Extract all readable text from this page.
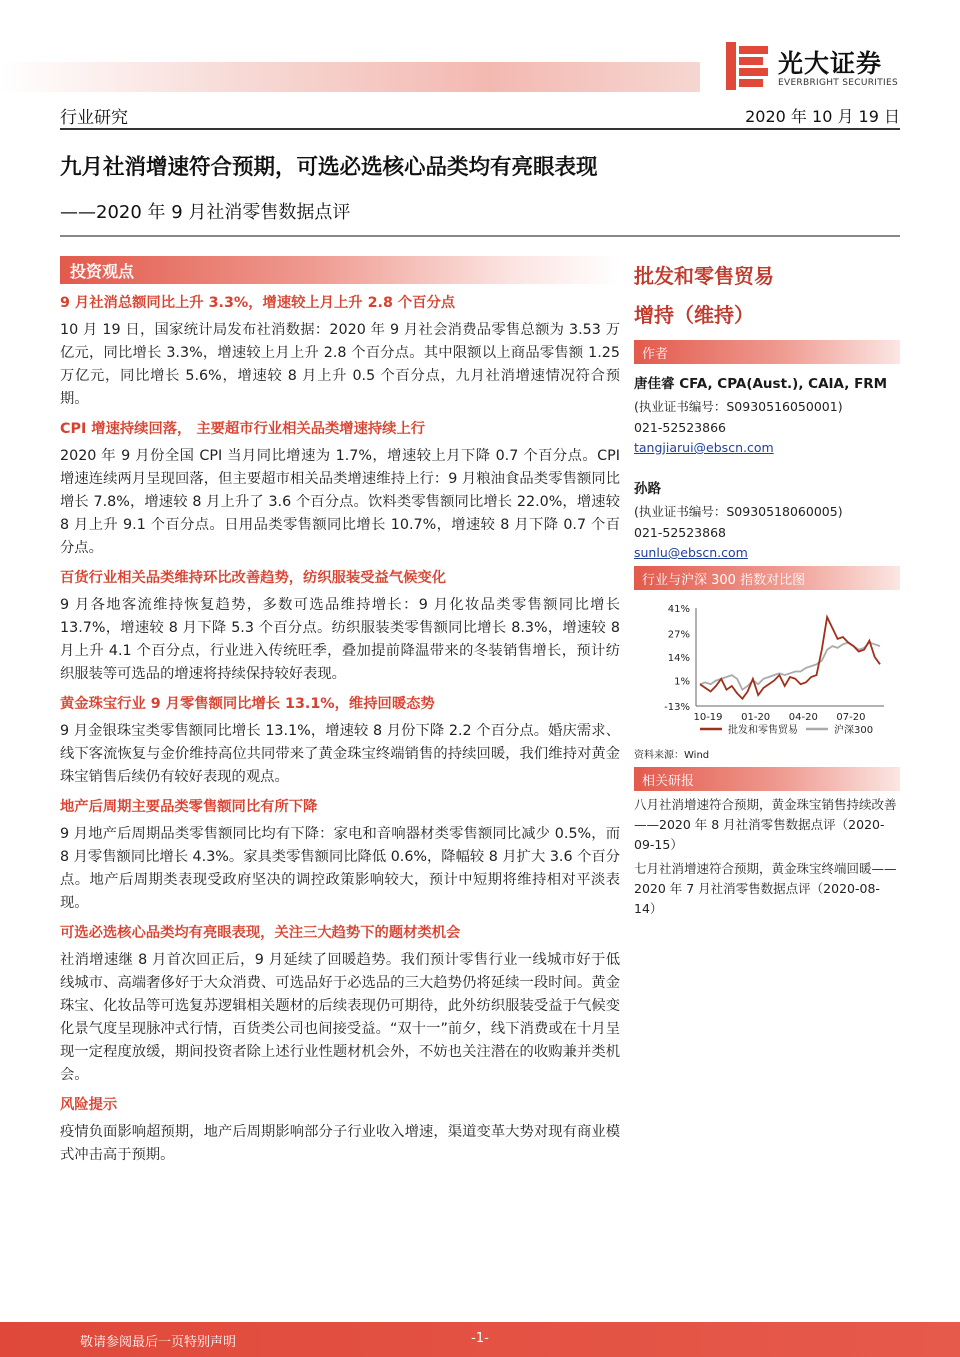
光大证券
EVERBRIGHT SECURITIES
行业研究	2020 年 10 月 19 日
九月社消增速符合预期，可选必选核心品类均有亮眼表现
——2020 年 9 月社消零售数据点评
投资观点
9 月社消总额同比上升 3.3%，增速较上月上升 2.8 个百分点
10 月 19 日，国家统计局发布社消数据：2020 年 9 月社会消费品零售总额为 3.53 万亿元，同比增长 3.3%，增速较上月上升 2.8 个百分点。其中限额以上商品零售额 1.25 万亿元，同比增长 5.6%，增速较 8 月上升 0.5 个百分点，九月社消增速情况符合预期。
CPI 增速持续回落， 主要超市行业相关品类增速持续上行
2020 年 9 月份全国 CPI 当月同比增速为 1.7%，增速较上月下降 0.7 个百分点。CPI 增速连续两月呈现回落，但主要超市相关品类增速维持上行：9 月粮油食品类零售额同比增长 7.8%，增速较 8 月上升了 3.6 个百分点。饮料类零售额同比增长 22.0%，增速较 8 月上升 9.1 个百分点。日用品类零售额同比增长 10.7%，增速较 8 月下降 0.7 个百分点。
百货行业相关品类维持环比改善趋势，纺织服装受益气候变化
9 月各地客流维持恢复趋势，多数可选品维持增长：9 月化妆品类零售额同比增长 13.7%，增速较 8 月下降 5.3 个百分点。纺织服装类零售额同比增长 8.3%，增速较 8 月上升 4.1 个百分点，行业进入传统旺季，叠加提前降温带来的冬装销售增长，预计纺织服装等可选品的增速将持续保持较好表现。
黄金珠宝行业 9 月零售额同比增长 13.1%，维持回暖态势
9 月金银珠宝类零售额同比增长 13.1%，增速较 8 月份下降 2.2 个百分点。婚庆需求、线下客流恢复与金价维持高位共同带来了黄金珠宝终端销售的持续回暖，我们维持对黄金珠宝销售后续仍有较好表现的观点。
地产后周期主要品类零售额同比有所下降
9 月地产后周期品类零售额同比均有下降：家电和音响器材类零售额同比减少 0.5%，而 8 月零售额同比增长 4.3%。家具类零售额同比降低 0.6%，降幅较 8 月扩大 3.6 个百分点。地产后周期类表现受政府坚决的调控政策影响较大，预计中短期将维持相对平淡表现。
可选必选核心品类均有亮眼表现，关注三大趋势下的题材类机会
社消增速继 8 月首次回正后，9 月延续了回暖趋势。我们预计零售行业一线城市好于低线城市、高端奢侈好于大众消费、可选品好于必选品的三大趋势仍将延续一段时间。黄金珠宝、化妆品等可选复苏逻辑相关题材的后续表现仍可期待，此外纺织服装受益于气候变化景气度呈现脉冲式行情，百货类公司也间接受益。“双十一”前夕，线下消费或在十月呈现一定程度放缓，期间投资者除上述行业性题材机会外，不妨也关注潜在的收购兼并类机会。
风险提示
疫情负面影响超预期，地产后周期影响部分子行业收入增速，渠道变革大势对现有商业模式冲击高于预期。
批发和零售贸易
增持（维持）
作者
唐佳睿 CFA, CPA(Aust.), CAIA, FRM
(执业证书编号：S0930516050001)
021-52523866
tangjiarui@ebscn.com
孙路
(执业证书编号：S0930518060005)
021-52523868
sunlu@ebscn.com
行业与沪深 300 指数对比图
41%
27%
14%
1%
-13%
10-19 01-20 04-20 07-20
批发和零售贸易	沪深300
资料来源：Wind
相关研报
八月社消增速符合预期，黄金珠宝销售持续改善——2020 年 8 月社消零售数据点评（2020-09-15）
七月社消增速符合预期，黄金珠宝终端回暖——2020 年 7 月社消零售数据点评（2020-08-14）
敬请参阅最后一页特别声明	-1-
